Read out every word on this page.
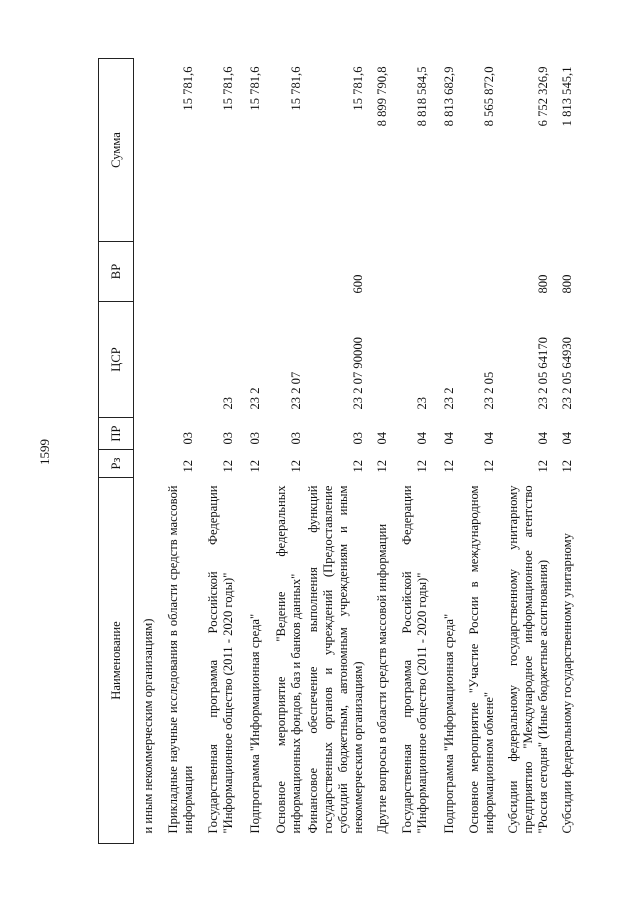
1599
Наименование	Рз	ПР	ЦСР	ВР	Сумма
и иным некоммерческим организациям)					
Прикладные научные исследования в области средств массовой информации	12	03			15 781,6
Государственная программа Российской Федерации "Информационное общество (2011 - 2020 годы)"	12	03	23		15 781,6
Подпрограмма "Информационная среда"	12	03	23 2		15 781,6
Основное мероприятие "Ведение федеральных информационных фондов, баз и банков данных"	12	03	23 2 07		15 781,6
Финансовое обеспечение выполнения функций государственных органов и учреждений (Предоставление субсидий бюджетным, автономным учреждениям и иным некоммерческим организациям)	12	03	23 2 07 90000	600	15 781,6
Другие вопросы в области средств массовой информации	12	04			8 899 790,8
Государственная программа Российской Федерации "Информационное общество (2011 - 2020 годы)"	12	04	23		8 818 584,5
Подпрограмма "Информационная среда"	12	04	23 2		8 813 682,9
Основное мероприятие "Участие России в международном информационном обмене"	12	04	23 2 05		8 565 872,0
Субсидии федеральному государственному унитарному предприятию "Международное информационное агентство "Россия сегодня" (Иные бюджетные ассигнования)	12	04	23 2 05 64170	800	6 752 326,9
Субсидии федеральному государственному унитарному	12	04	23 2 05 64930	800	1 813 545,1
